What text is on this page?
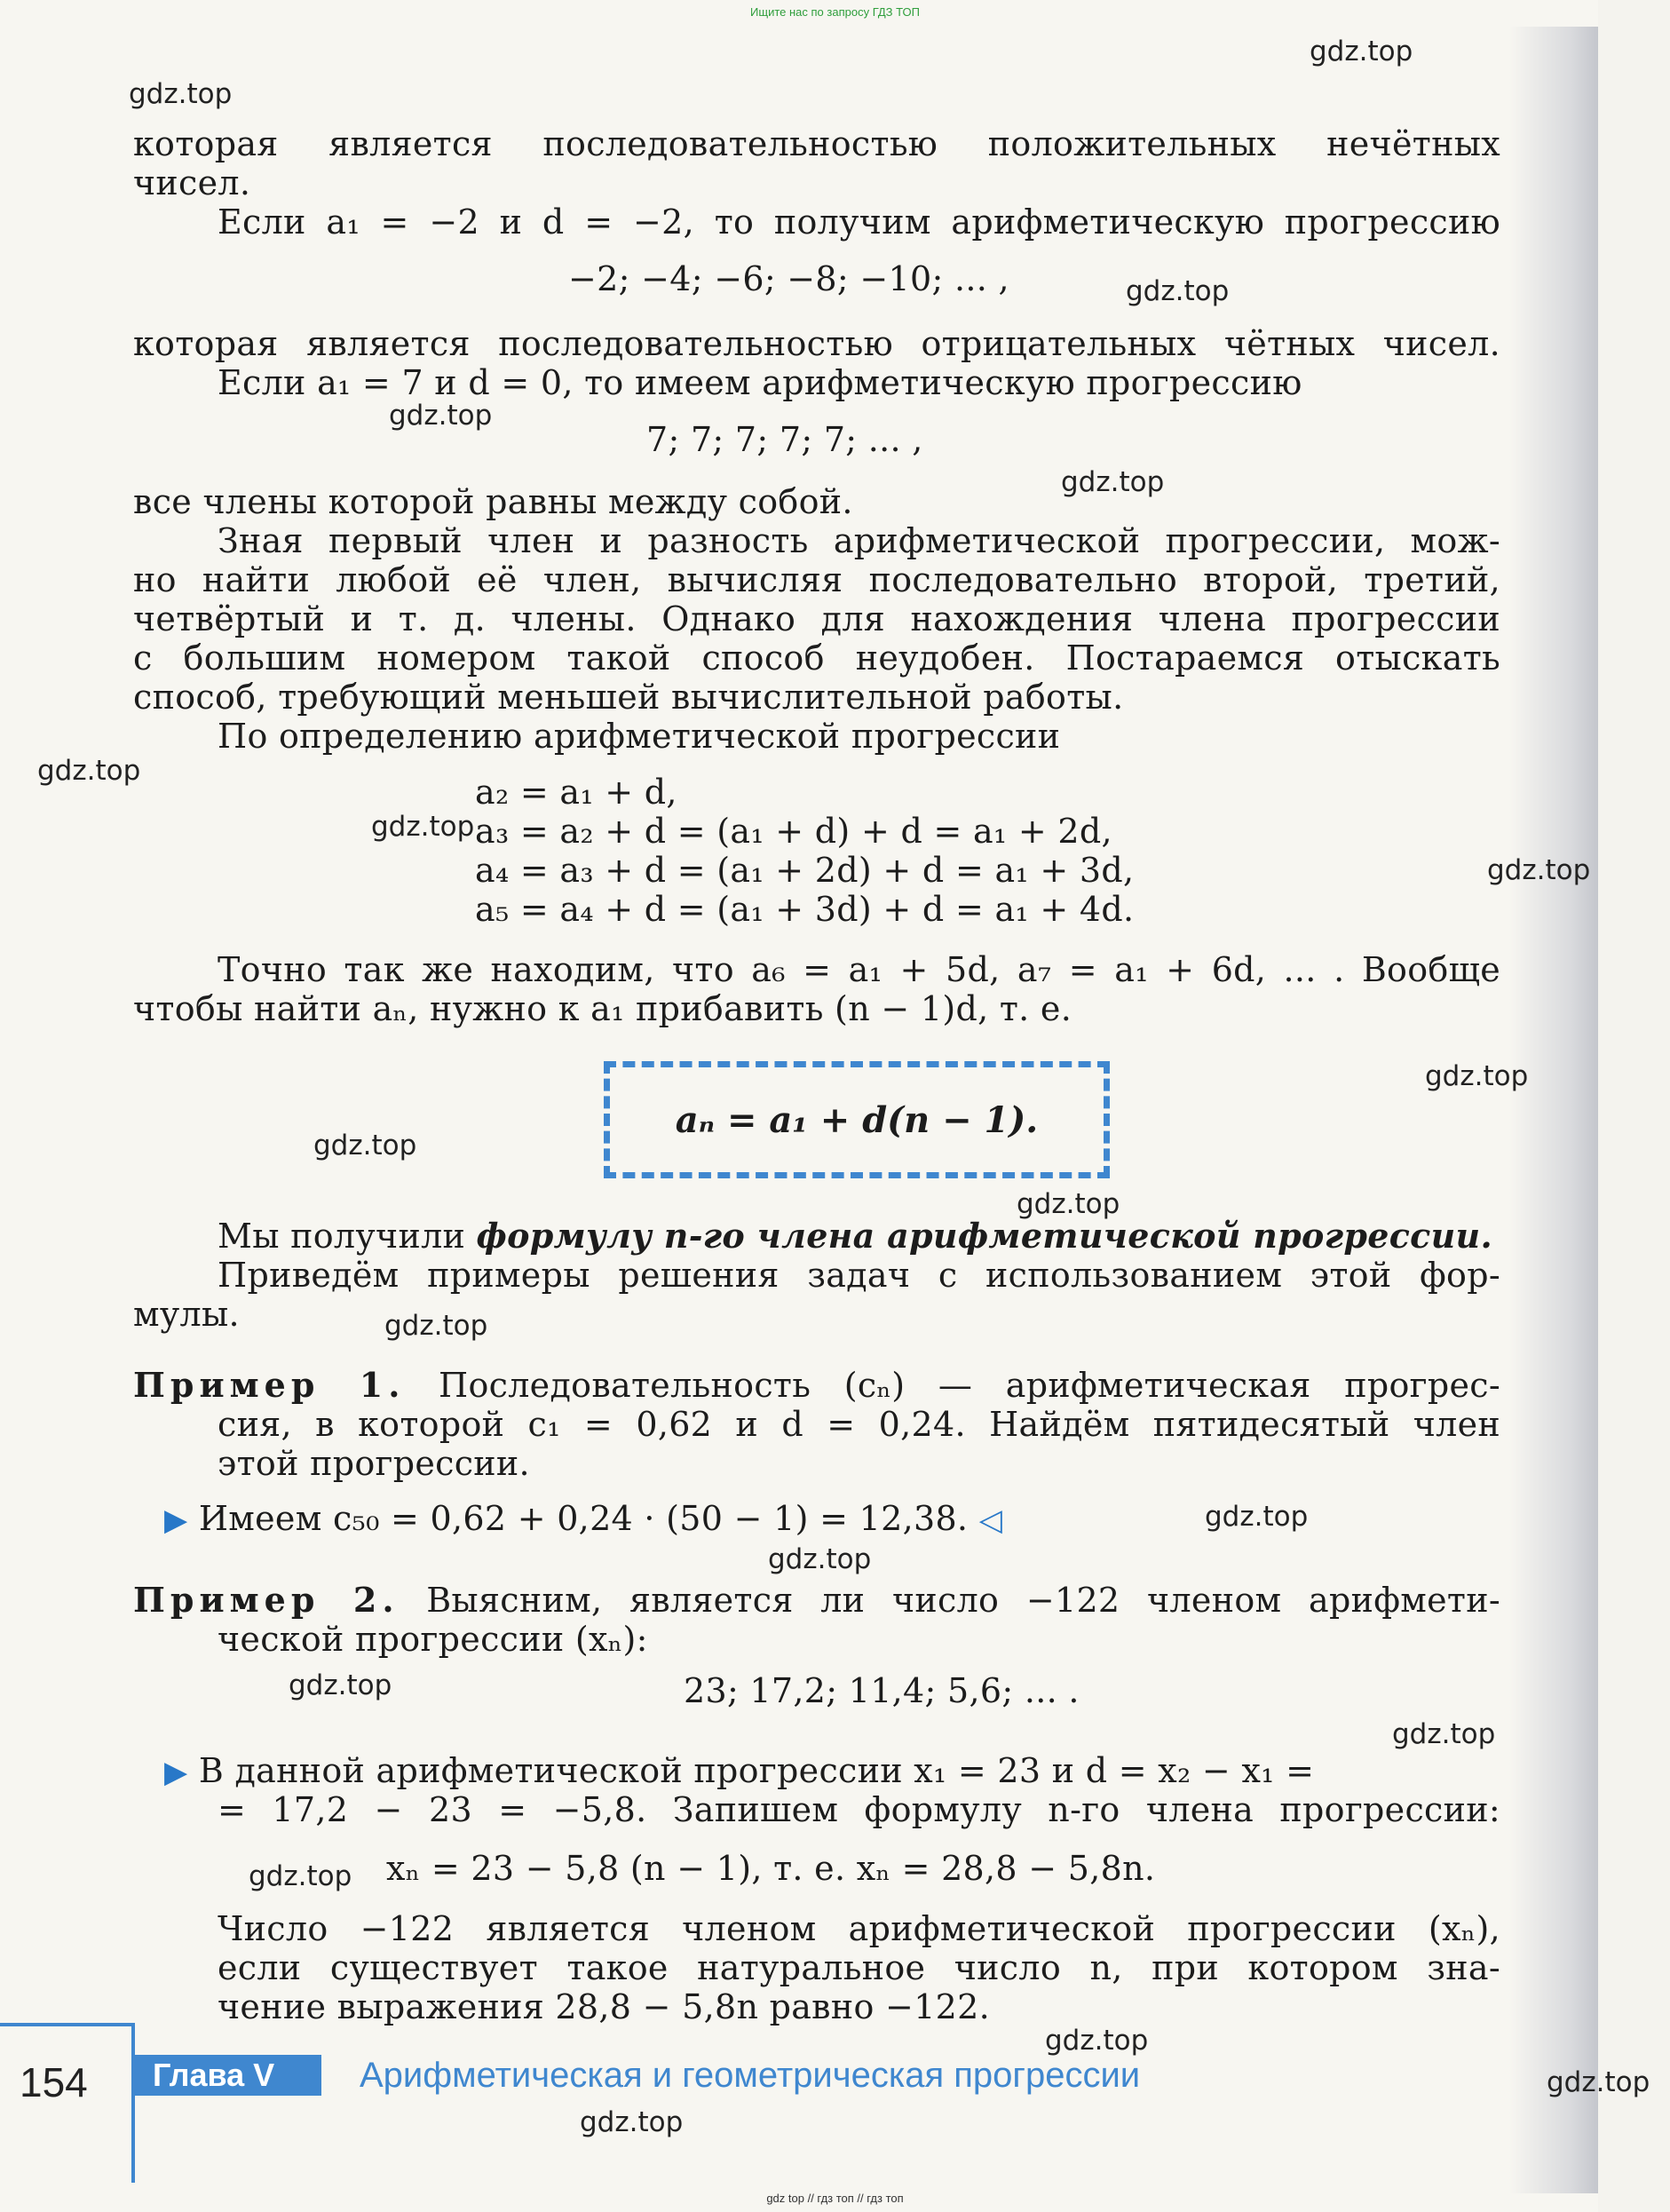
Ищите нас по запросу ГДЗ ТОП
gdz.top
gdz.top
gdz.top
gdz.top
gdz.top
gdz.top
gdz.top
gdz.top
gdz.top
gdz.top
gdz.top
gdz.top
gdz.top
gdz.top
gdz.top
gdz.top
gdz.top
gdz.top
gdz.top
gdz.top
которая является последовательностью положительных нечётных
чисел.
Если a₁ = −2 и d = −2, то получим арифметическую прогрессию
−2; −4; −6; −8; −10; ... ,
которая является последовательностью отрицательных чётных чисел.
Если a₁ = 7 и d = 0, то имеем арифметическую прогрессию
7; 7; 7; 7; 7; ... ,
все члены которой равны между собой.
Зная первый член и разность арифметической прогрессии, мож-
но найти любой её член, вычисляя последовательно второй, третий,
четвёртый и т. д. члены. Однако для нахождения члена прогрессии
с большим номером такой способ неудобен. Постараемся отыскать
способ, требующий меньшей вычислительной работы.
По определению арифметической прогрессии
a₂ = a₁ + d,
a₃ = a₂ + d = (a₁ + d) + d = a₁ + 2d,
a₄ = a₃ + d = (a₁ + 2d) + d = a₁ + 3d,
a₅ = a₄ + d = (a₁ + 3d) + d = a₁ + 4d.
Точно так же находим, что a₆ = a₁ + 5d, a₇ = a₁ + 6d, ... . Вообще
чтобы найти aₙ, нужно к a₁ прибавить (n − 1)d, т. е.
aₙ = a₁ + d(n − 1).
Мы получили формулу n-го члена арифметической прогрессии.
Приведём примеры решения задач с использованием этой фор-
мулы.
Пример 1. Последовательность (cₙ) — арифметическая прогрес-
сия, в которой c₁ = 0,62 и d = 0,24. Найдём пятидесятый член
этой прогрессии.
▶ Имеем c₅₀ = 0,62 + 0,24 · (50 − 1) = 12,38. ◁
Пример 2. Выясним, является ли число −122 членом арифмети-
ческой прогрессии (xₙ):
23; 17,2; 11,4; 5,6; ... .
▶ В данной арифметической прогрессии x₁ = 23 и d = x₂ − x₁ =
= 17,2 − 23 = −5,8. Запишем формулу n-го члена прогрессии:
xₙ = 23 − 5,8 (n − 1), т. е. xₙ = 28,8 − 5,8n.
Число −122 является членом арифметической прогрессии (xₙ),
если существует такое натуральное число n, при котором зна-
чение выражения 28,8 − 5,8n равно −122.
154	Глава V	Арифметическая и геометрическая прогрессии
gdz top // гдз топ // гдз топ
